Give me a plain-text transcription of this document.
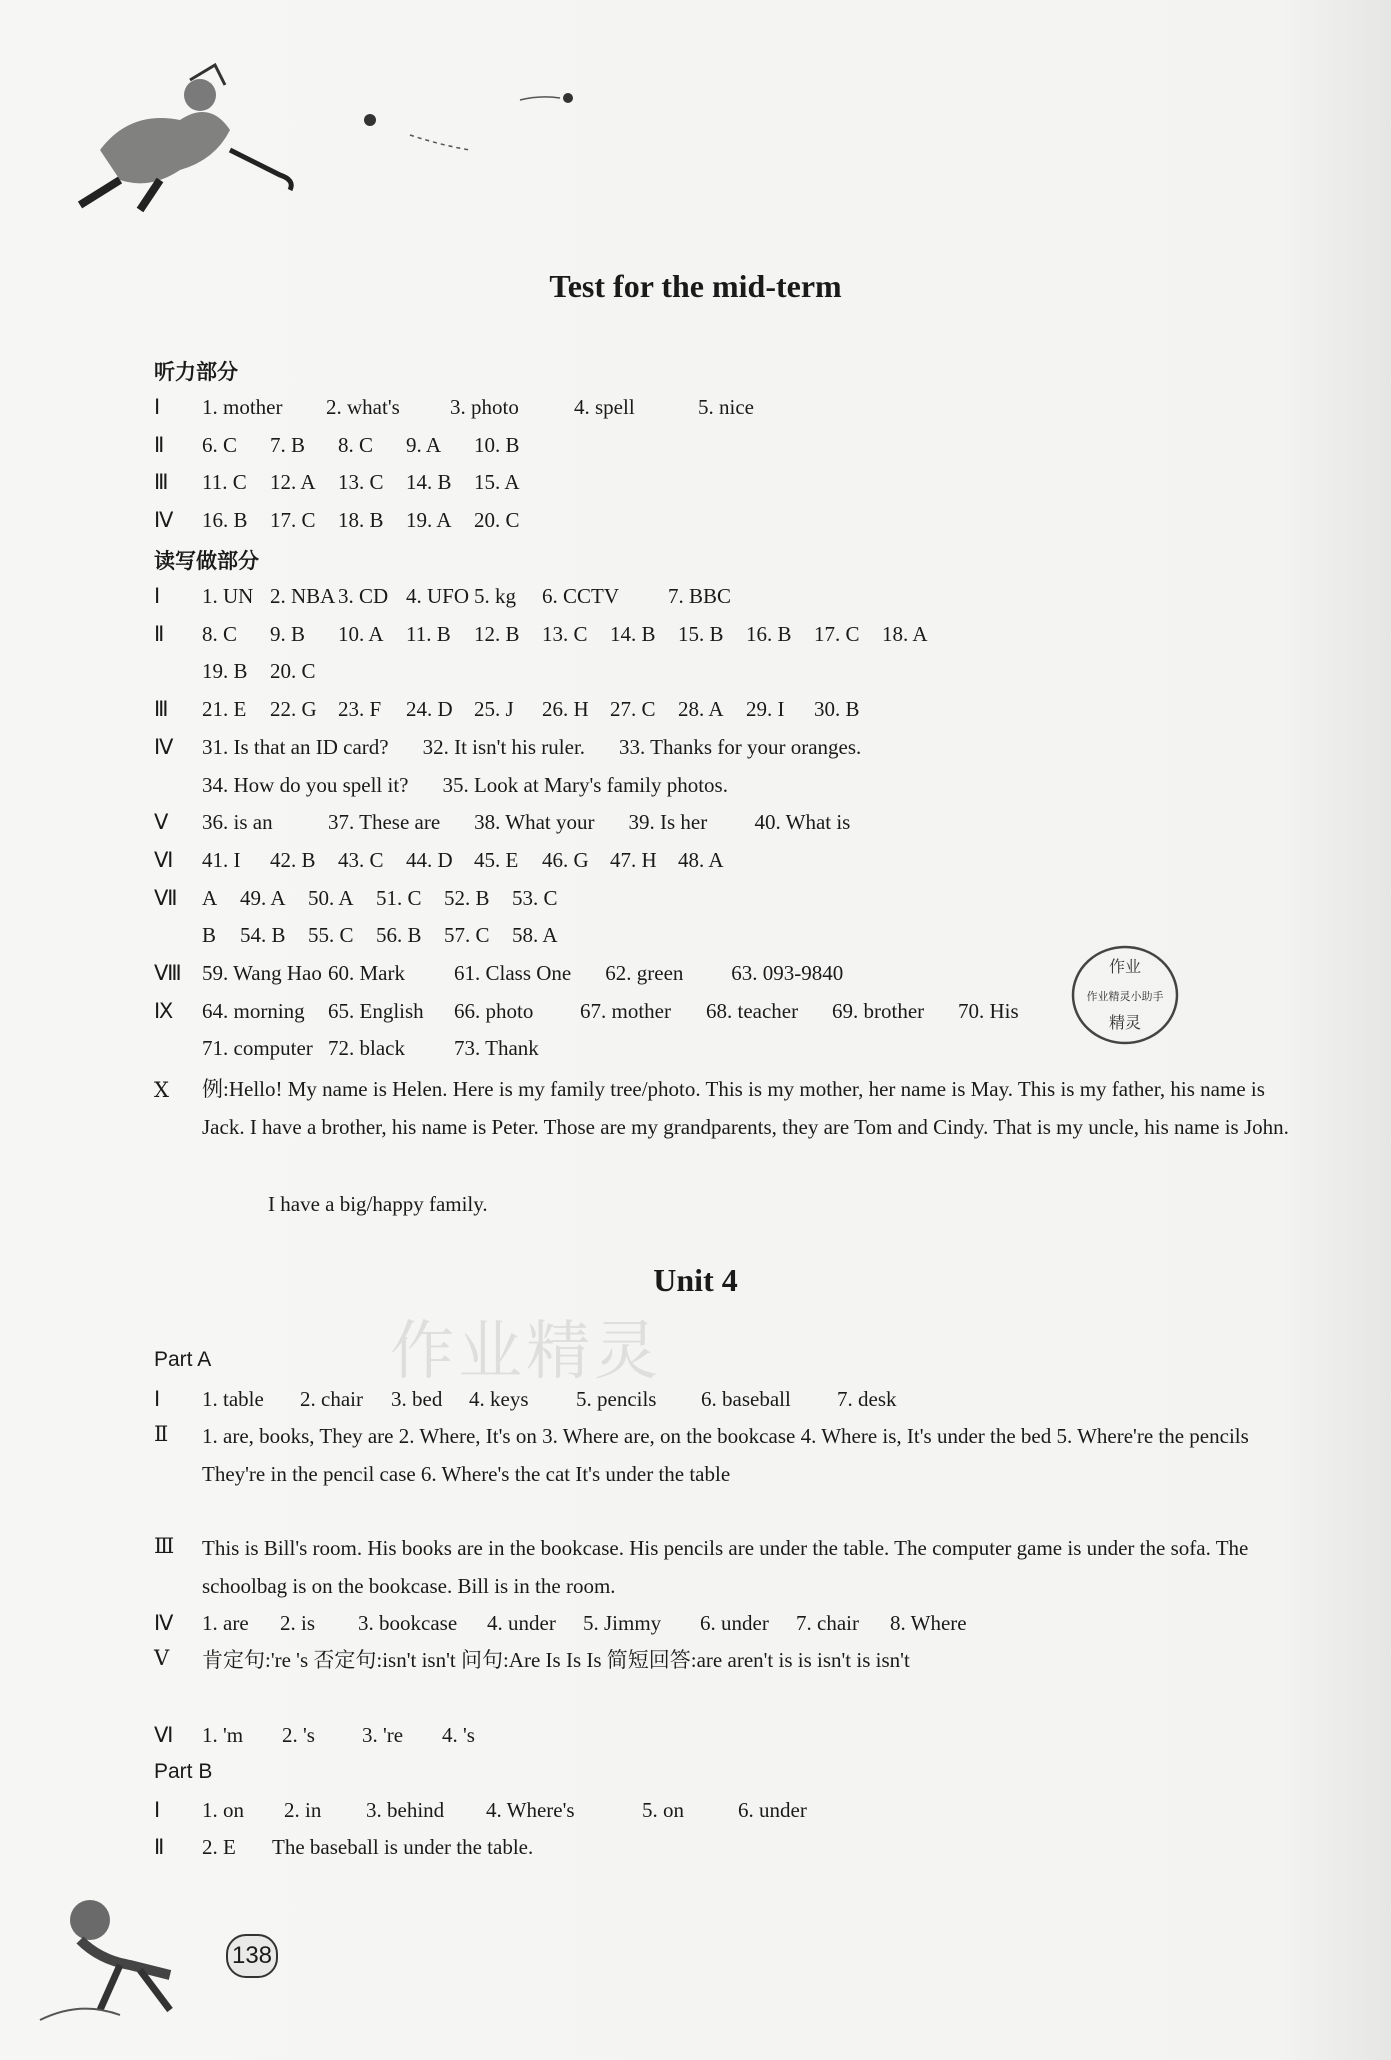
Test for the mid-term
听力部分
Ⅰ 1. mother 2. what's 3. photo	4. spell	5. nice
Ⅱ 6. C 7. B 8. C 9. A 10. B
Ⅲ 11. C 12. A 13. C 14. B 15. A
Ⅳ 16. B 17. C 18. B 19. A 20. C
读写做部分
Ⅰ 1. UN 2. NBA 3. CD 4. UFO 5. kg 6. CCTV 7. BBC
Ⅱ 8. C 9. B 10. A 11. B 12. B 13. C 14. B 15. B 16. B 17. C 18. A
19. B 20. C
Ⅲ 21. E 22. G 23. F 24. D 25. J 26. H 27. C 28. A 29. I 30. B
Ⅳ 31. Is that an ID card? 32. It isn't his ruler. 33. Thanks for your oranges.
34. How do you spell it? 35. Look at Mary's family photos.
Ⅴ 36. is an	37. These are 38. What your 39. Is her 40. What is
Ⅵ 41. I 42. B 43. C 44. D 45. E 46. G 47. H 48. A
Ⅶ A 49. A 50. A 51. C 52. B 53. C
B 54. B 55. C 56. B 57. C 58. A
Ⅷ 59. Wang Hao 60. Mark 61. Class One 62. green 63. 093-9840
Ⅸ 64. morning 65. English 66. photo 67. mother 68. teacher 69. brother 70. His
71. computer 72. black 73. Thank
Ⅹ 例:Hello! My name is Helen. Here is my family tree/photo. This is my mother, her name is May. This is my father, his name is Jack. I have a brother, his name is Peter. Those are my grandparents, they are Tom and Cindy. That is my uncle, his name is John.
I have a big/happy family.
作业
作业精灵小助手
精灵
Unit 4
作业精灵
Part A
Ⅰ 1. table 2. chair 3. bed 4. keys 5. pencils 6. baseball 7. desk
Ⅱ 1. are, books, They are 2. Where, It's on 3. Where are, on the bookcase 4. Where is, It's under the bed 5. Where're the pencils They're in the pencil case 6. Where's the cat It's under the table
Ⅲ This is Bill's room. His books are in the bookcase. His pencils are under the table. The computer game is under the sofa. The schoolbag is on the bookcase. Bill is in the room.
Ⅳ 1. are 2. is 3. bookcase 4. under 5. Jimmy 6. under 7. chair 8. Where
Ⅴ 肯定句:'re 's 否定句:isn't isn't 问句:Are Is Is Is 简短回答:are aren't is is isn't is isn't
Ⅵ 1. 'm 2. 's 3. 're 4. 's
Part B
Ⅰ 1. on 2. in 3. behind 4. Where's	5. on	6. under
Ⅱ 2. E The baseball is under the table.
138
